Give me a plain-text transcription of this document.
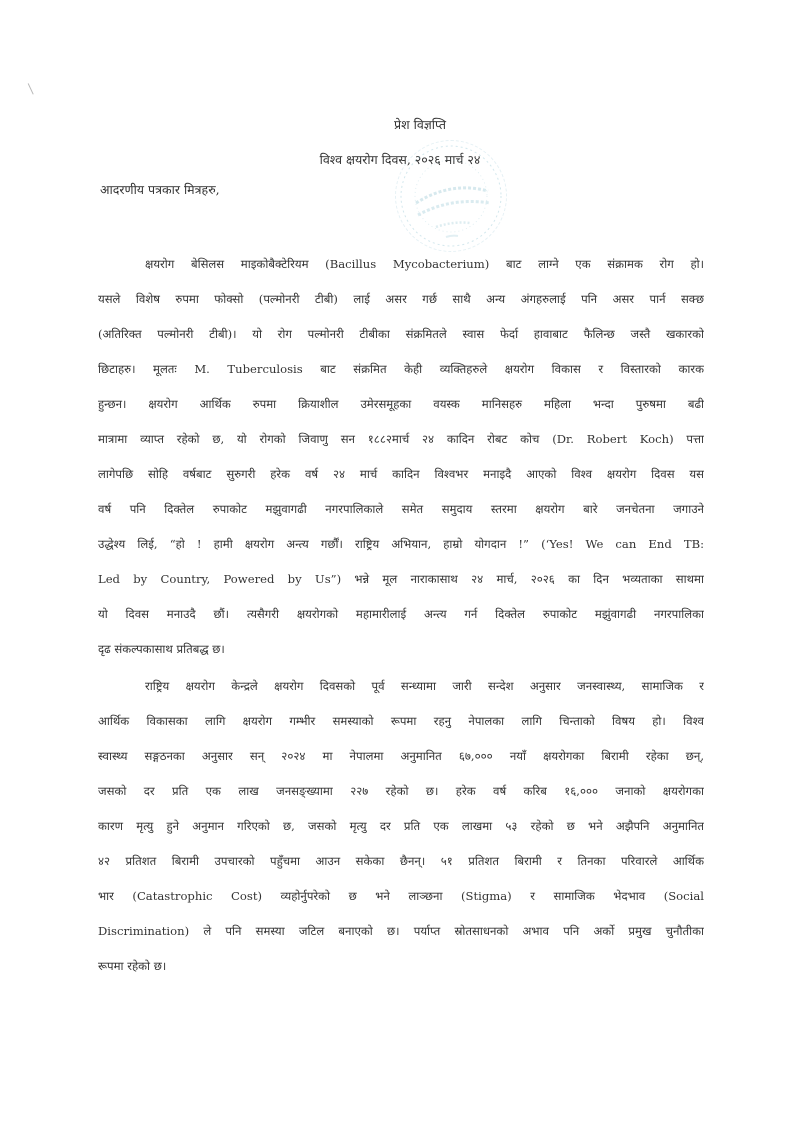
प्रेश विज्ञप्ति
विश्व क्षयरोग दिवस, २०२६ मार्च २४
आदरणीय पत्रकार मित्रहरु,
क्षयरोग बेसिलस माइकोबैक्टेरियम (Bacillus Mycobacterium) बाट लाग्ने एक संक्रामक रोग हो।
यसले विशेष रुपमा फोक्सो (पल्मोनरी टीबी) लाई असर गर्छ साथै अन्य अंगहरुलाई पनि असर पार्न सक्छ
(अतिरिक्त पल्मोनरी टीबी)। यो रोग पल्मोनरी टीबीका संक्रमितले स्वास फेर्दा हावाबाट फैलिन्छ जस्तै खकारको
छिटाहरु। मूलतः M. Tuberculosis बाट संक्रमित केही व्यक्तिहरुले क्षयरोग विकास र विस्तारको कारक
हुन्छन। क्षयरोग आर्थिक रुपमा क्रियाशील उमेरसमूहका वयस्क मानिसहरु महिला भन्दा पुरुषमा बढी
मात्रामा व्याप्त रहेको छ, यो रोगको जिवाणु सन १८८२मार्च २४ कादिन रोबट कोच (Dr. Robert Koch) पत्ता
लागेपछि सोहि वर्षबाट सुरुगरी हरेक वर्ष २४ मार्च कादिन विश्वभर मनाइदै आएको विश्व क्षयरोग दिवस यस
वर्ष पनि दिक्तेल रुपाकोट मझुवागढी नगरपालिकाले समेत समुदाय स्तरमा क्षयरोग बारे जनचेतना जगाउने
उद्धेश्य लिई, “हो ! हामी क्षयरोग अन्त्य गर्छौं। राष्ट्रिय अभियान, हाम्रो योगदान !” (‘Yes! We can End TB:
Led by Country, Powered by Us”) भन्ने मूल नाराकासाथ २४ मार्च, २०२६ का दिन भव्यताका साथमा
यो दिवस मनाउदै छौं। त्यसैगरी क्षयरोगको महामारीलाई अन्त्य गर्न दिक्तेल रुपाकोट मझुंवागढी नगरपालिका
दृढ संकल्पकासाथ प्रतिबद्ध छ।
राष्ट्रिय क्षयरोग केन्द्रले क्षयरोग दिवसको पूर्व सन्ध्यामा जारी सन्देश अनुसार जनस्वास्थ्य, सामाजिक र
आर्थिक विकासका लागि क्षयरोग गम्भीर समस्याको रूपमा रहनु नेपालका लागि चिन्ताको विषय हो। विश्व
स्वास्थ्य सङ्गठनका अनुसार सन् २०२४ मा नेपालमा अनुमानित ६७,००० नयाँ क्षयरोगका बिरामी रहेका छन्,
जसको दर प्रति एक लाख जनसङ्ख्यामा २२७ रहेको छ। हरेक वर्ष करिब १६,००० जनाको क्षयरोगका
कारण मृत्यु हुने अनुमान गरिएको छ, जसको मृत्यु दर प्रति एक लाखमा ५३ रहेको छ भने अझैपनि अनुमानित
४२ प्रतिशत बिरामी उपचारको पहुँचमा आउन सकेका छैनन्। ५१ प्रतिशत बिरामी र तिनका परिवारले आर्थिक
भार (Catastrophic Cost) व्यहोर्नुपरेको छ भने लाञ्छना (Stigma) र सामाजिक भेदभाव (Social
Discrimination) ले पनि समस्या जटिल बनाएको छ। पर्याप्त स्रोतसाधनको अभाव पनि अर्को प्रमुख चुनौतीका
रूपमा रहेको छ।
